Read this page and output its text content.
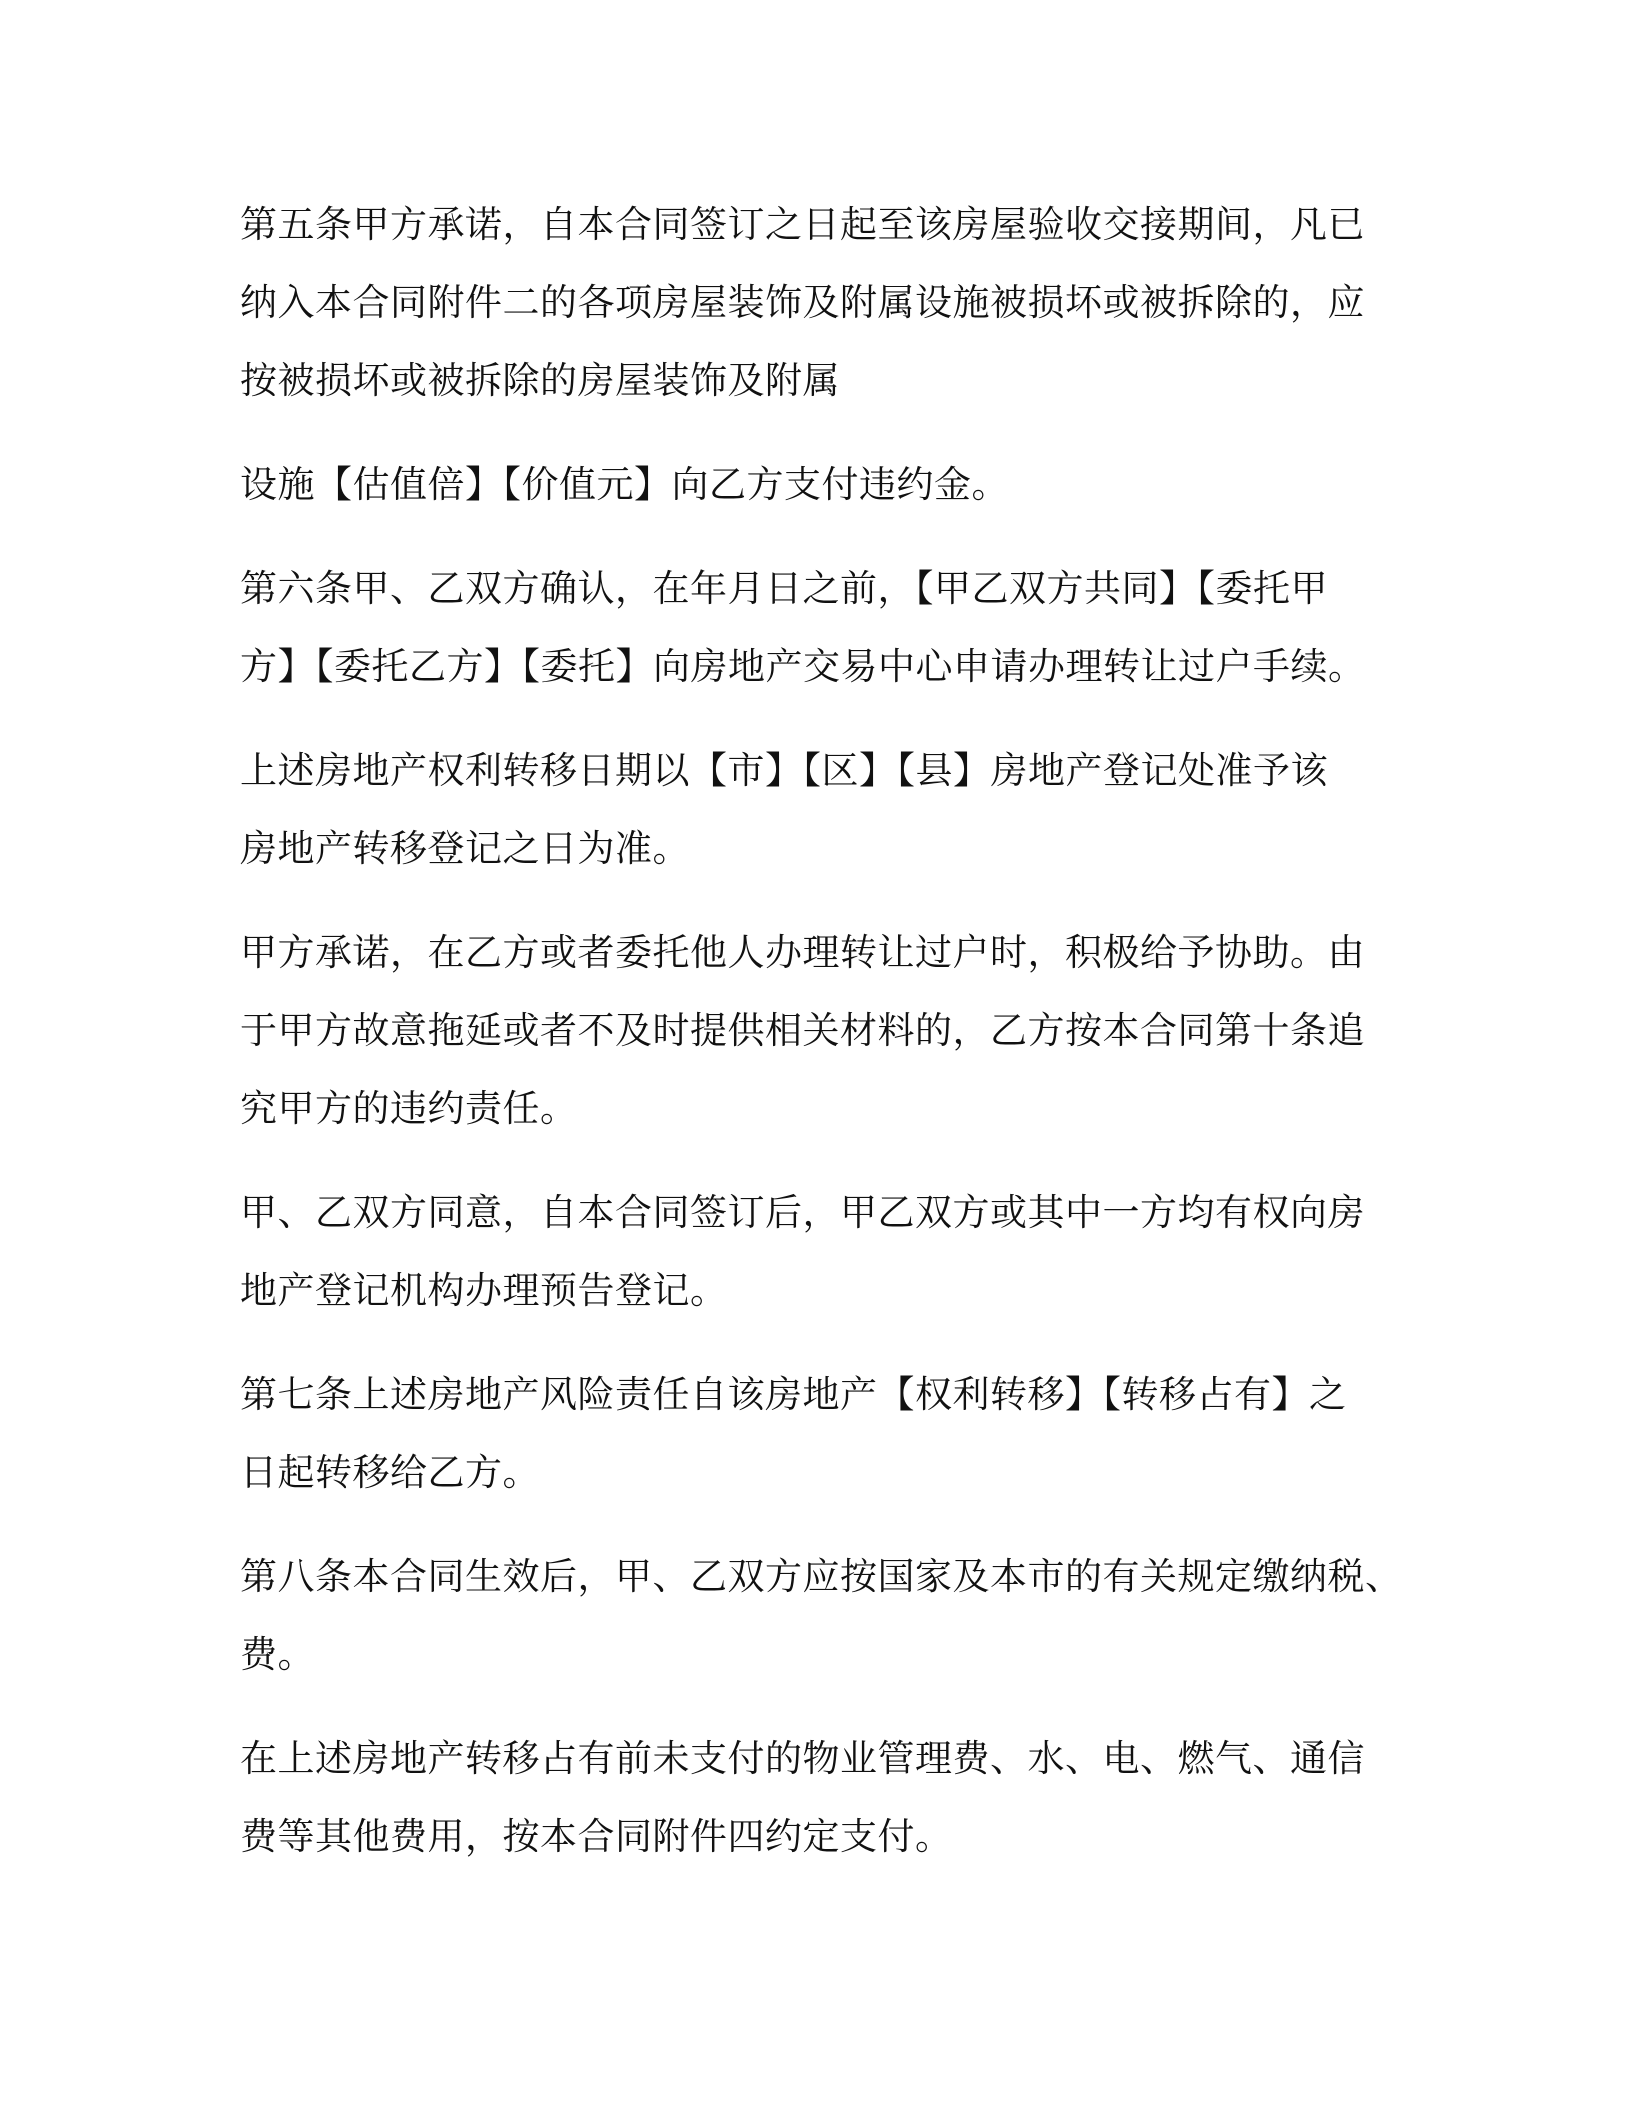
第五条甲方承诺，自本合同签订之日起至该房屋验收交接期间，凡已
纳入本合同附件二的各项房屋装饰及附属设施被损坏或被拆除的，应
按被损坏或被拆除的房屋装饰及附属

设施【估值倍】【价值元】向乙方支付违约金。

第六条甲、乙双方确认，在年月日之前，【甲乙双方共同】【委托甲
方】【委托乙方】【委托】向房地产交易中心申请办理转让过户手续。

上述房地产权利转移日期以【市】【区】【县】房地产登记处准予该
房地产转移登记之日为准。

甲方承诺，在乙方或者委托他人办理转让过户时，积极给予协助。由
于甲方故意拖延或者不及时提供相关材料的，乙方按本合同第十条追
究甲方的违约责任。

甲、乙双方同意，自本合同签订后，甲乙双方或其中一方均有权向房
地产登记机构办理预告登记。

第七条上述房地产风险责任自该房地产【权利转移】【转移占有】之
日起转移给乙方。

第八条本合同生效后，甲、乙双方应按国家及本市的有关规定缴纳税、
费。

在上述房地产转移占有前未支付的物业管理费、水、电、燃气、通信
费等其他费用，按本合同附件四约定支付。
